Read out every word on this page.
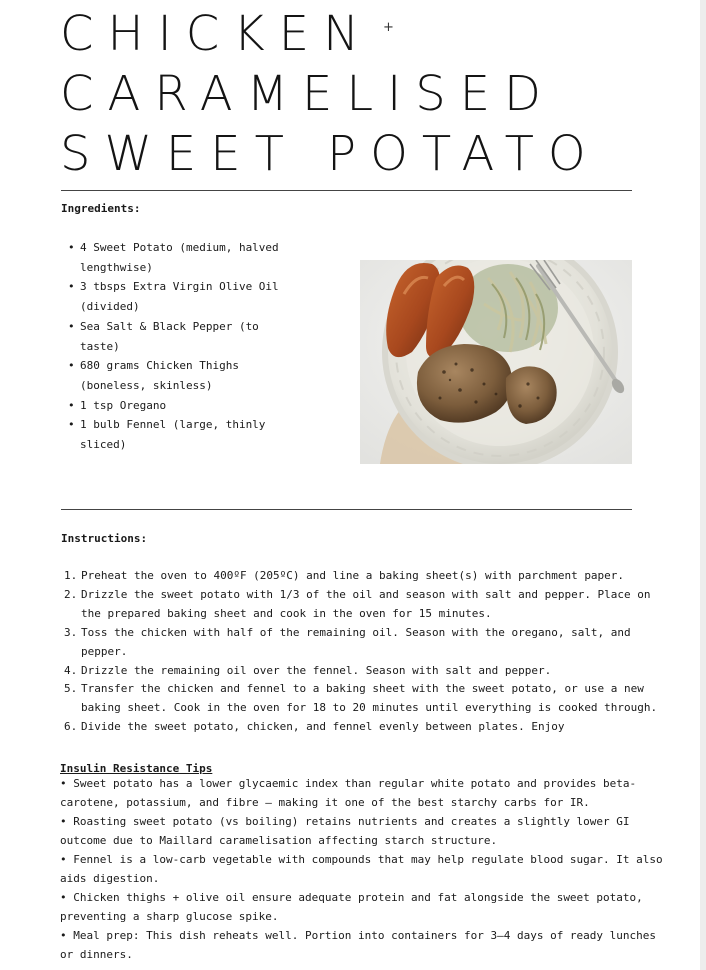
CHICKEN
CARAMELISED
SWEET POTATO
+
Ingredients:
• 4 Sweet Potato (medium, halved lengthwise)
• 3 tbsps Extra Virgin Olive Oil (divided)
• Sea Salt & Black Pepper (to taste)
• 680 grams Chicken Thighs (boneless, skinless)
• 1 tsp Oregano
• 1 bulb Fennel (large, thinly sliced)
Instructions:
1. Preheat the oven to 400ºF (205ºC) and line a baking sheet(s) with parchment paper.
2. Drizzle the sweet potato with 1/3 of the oil and season with salt and pepper. Place on the prepared baking sheet and cook in the oven for 15 minutes.
3. Toss the chicken with half of the remaining oil. Season with the oregano, salt, and pepper.
4. Drizzle the remaining oil over the fennel. Season with salt and pepper.
5. Transfer the chicken and fennel to a baking sheet with the sweet potato, or use a new baking sheet. Cook in the oven for 18 to 20 minutes until everything is cooked through.
6. Divide the sweet potato, chicken, and fennel evenly between plates. Enjoy
Insulin Resistance Tips
• Sweet potato has a lower glycaemic index than regular white potato and provides beta-carotene, potassium, and fibre — making it one of the best starchy carbs for IR.
• Roasting sweet potato (vs boiling) retains nutrients and creates a slightly lower GI outcome due to Maillard caramelisation affecting starch structure.
• Fennel is a low-carb vegetable with compounds that may help regulate blood sugar. It also aids digestion.
• Chicken thighs + olive oil ensure adequate protein and fat alongside the sweet potato, preventing a sharp glucose spike.
• Meal prep: This dish reheats well. Portion into containers for 3–4 days of ready lunches or dinners.
